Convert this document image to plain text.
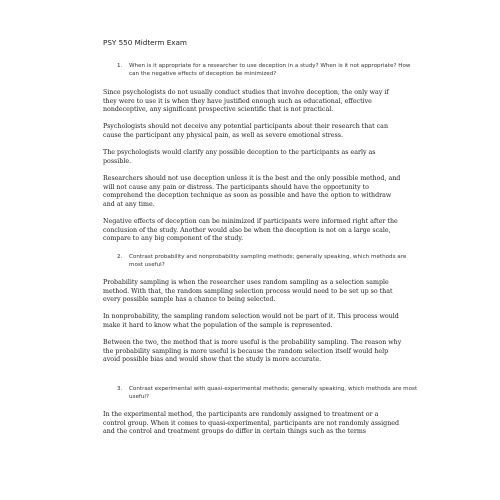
PSY 550 Midterm Exam
1. When is it appropriate for a researcher to use deception in a study? When is it not appropriate? How can the negative effects of deception be minimized?

Since psychologists do not usually conduct studies that involve deception, the only way if they were to use it is when they have justified enough such as educational, effective nondeceptive, any significant prospective scientific that is not practical.

Psychologists should not deceive any potential participants about their research that can cause the participant any physical pain, as well as severe emotional stress.

The psychologists would clarify any possible deception to the participants as early as possible.

Researchers should not use deception unless it is the best and the only possible method, and will not cause any pain or distress. The participants should have the opportunity to comprehend the deception technique as soon as possible and have the option to withdraw and at any time.

Negative effects of deception can be minimized if participants were informed right after the conclusion of the study. Another would also be when the deception is not on a large scale, compare to any big component of the study.

2. Contrast probability and nonprobability sampling methods; generally speaking, which methods are most useful?

Probability sampling is when the researcher uses random sampling as a selection sample method. With that, the random sampling selection process would need to be set up so that every possible sample has a chance to being selected.

In nonprobability, the sampling random selection would not be part of it. This process would make it hard to know what the population of the sample is represented.

Between the two, the method that is more useful is the probability sampling. The reason why the probability sampling is more useful is because the random selection itself would help avoid possible bias and would show that the study is more accurate.

3. Contrast experimental with quasi-experimental methods; generally speaking, which methods are most useful?

In the experimental method, the participants are randomly assigned to treatment or a control group. When it comes to quasi-experimental, participants are not randomly assigned and the control and treatment groups do differ in certain things such as the terms
